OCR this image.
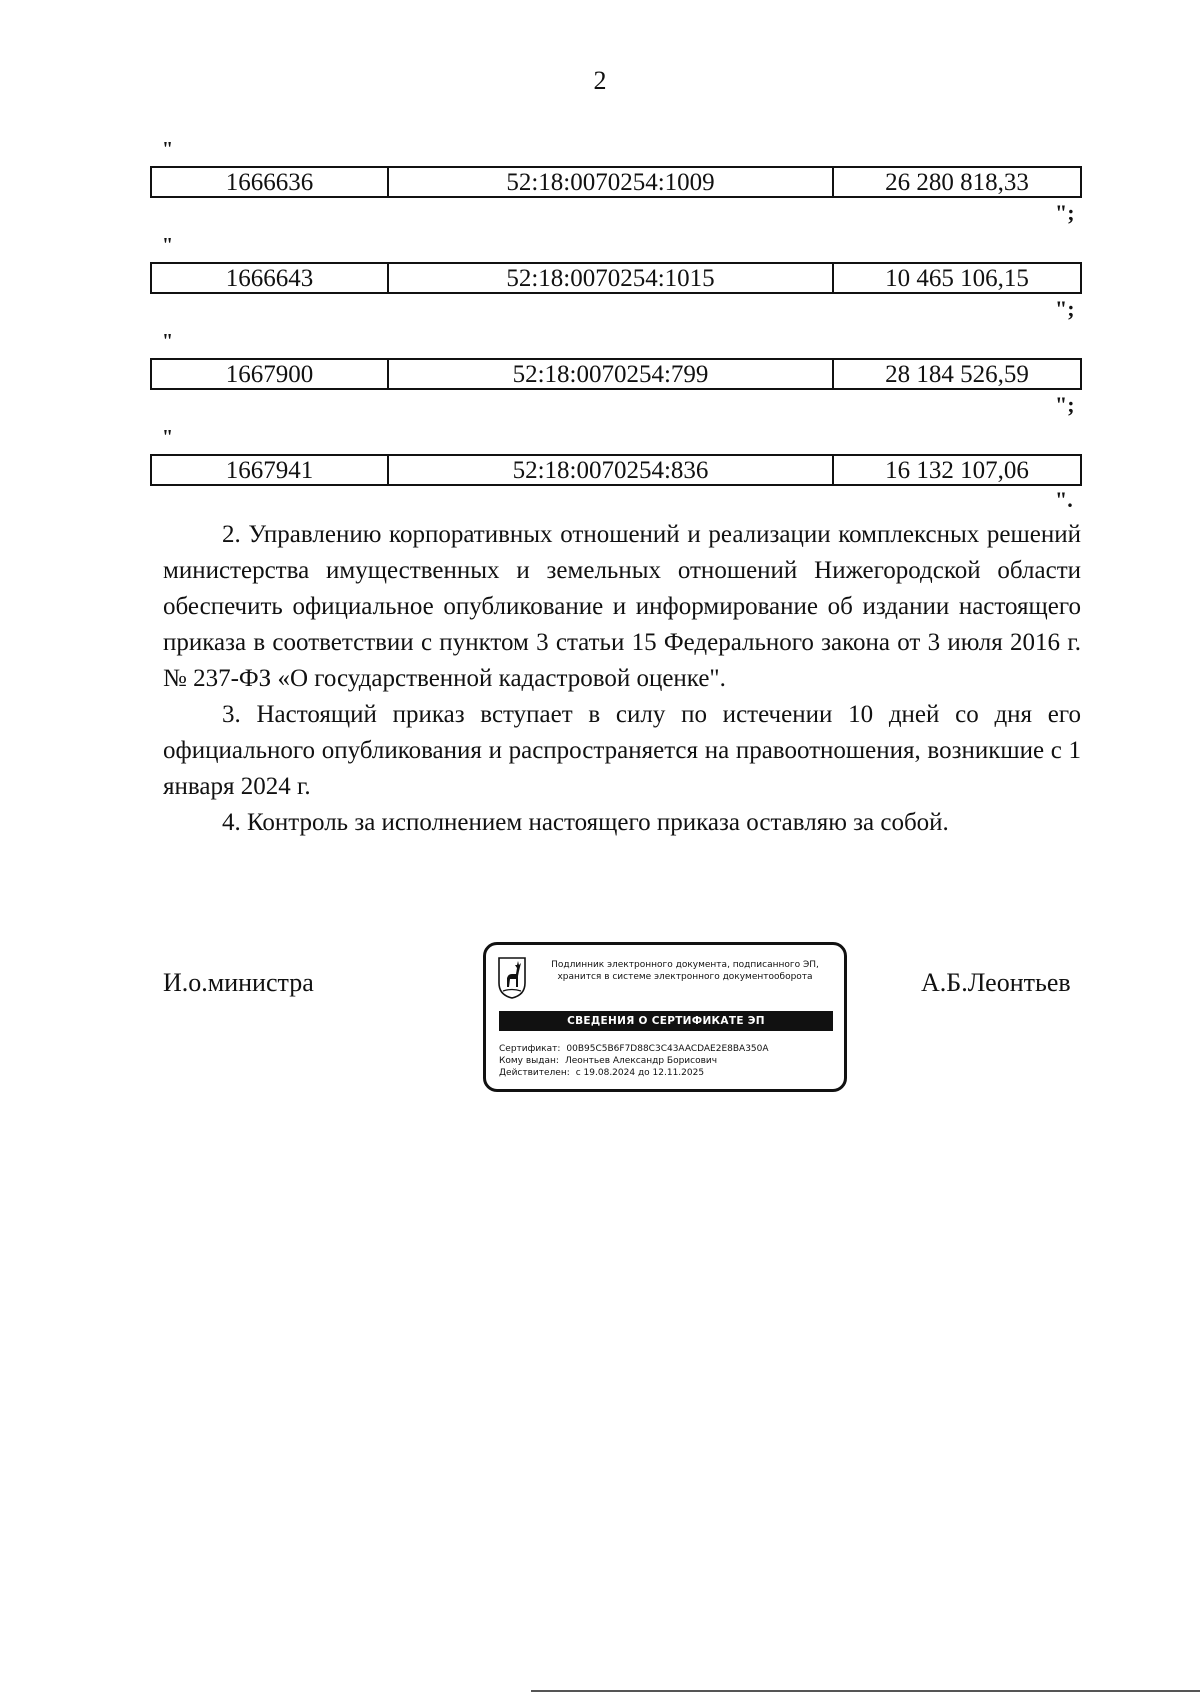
2
"
1666636	52:18:0070254:1009	26 280 818,33
";
"
1666643	52:18:0070254:1015	10 465 106,15
";
"
1667900	52:18:0070254:799	28 184 526,59
";
"
1667941	52:18:0070254:836	16 132 107,06
".

2. Управлению корпоративных отношений и реализации комплексных решений министерства имущественных и земельных отношений Нижегородской области обеспечить официальное опубликование и информирование об издании настоящего приказа в соответствии с пунктом 3 статьи 15 Федерального закона от 3 июля 2016 г. № 237-ФЗ «О государственной кадастровой оценке".

3. Настоящий приказ вступает в силу по истечении 10 дней со дня его официального опубликования и распространяется на правоотношения, возникшие с 1 января 2024 г.

4. Контроль за исполнением настоящего приказа оставляю за собой.

И.о.министра
Подлинник электронного документа, подписанного ЭП,
хранится в системе электронного документооборота
СВЕДЕНИЯ О СЕРТИФИКАТЕ ЭП
Сертификат: 00B95C5B6F7D88C3C43AACDAE2E8BA350A
Кому выдан: Леонтьев Александр Борисович
Действителен: с 19.08.2024 до 12.11.2025
А.Б.Леонтьев
